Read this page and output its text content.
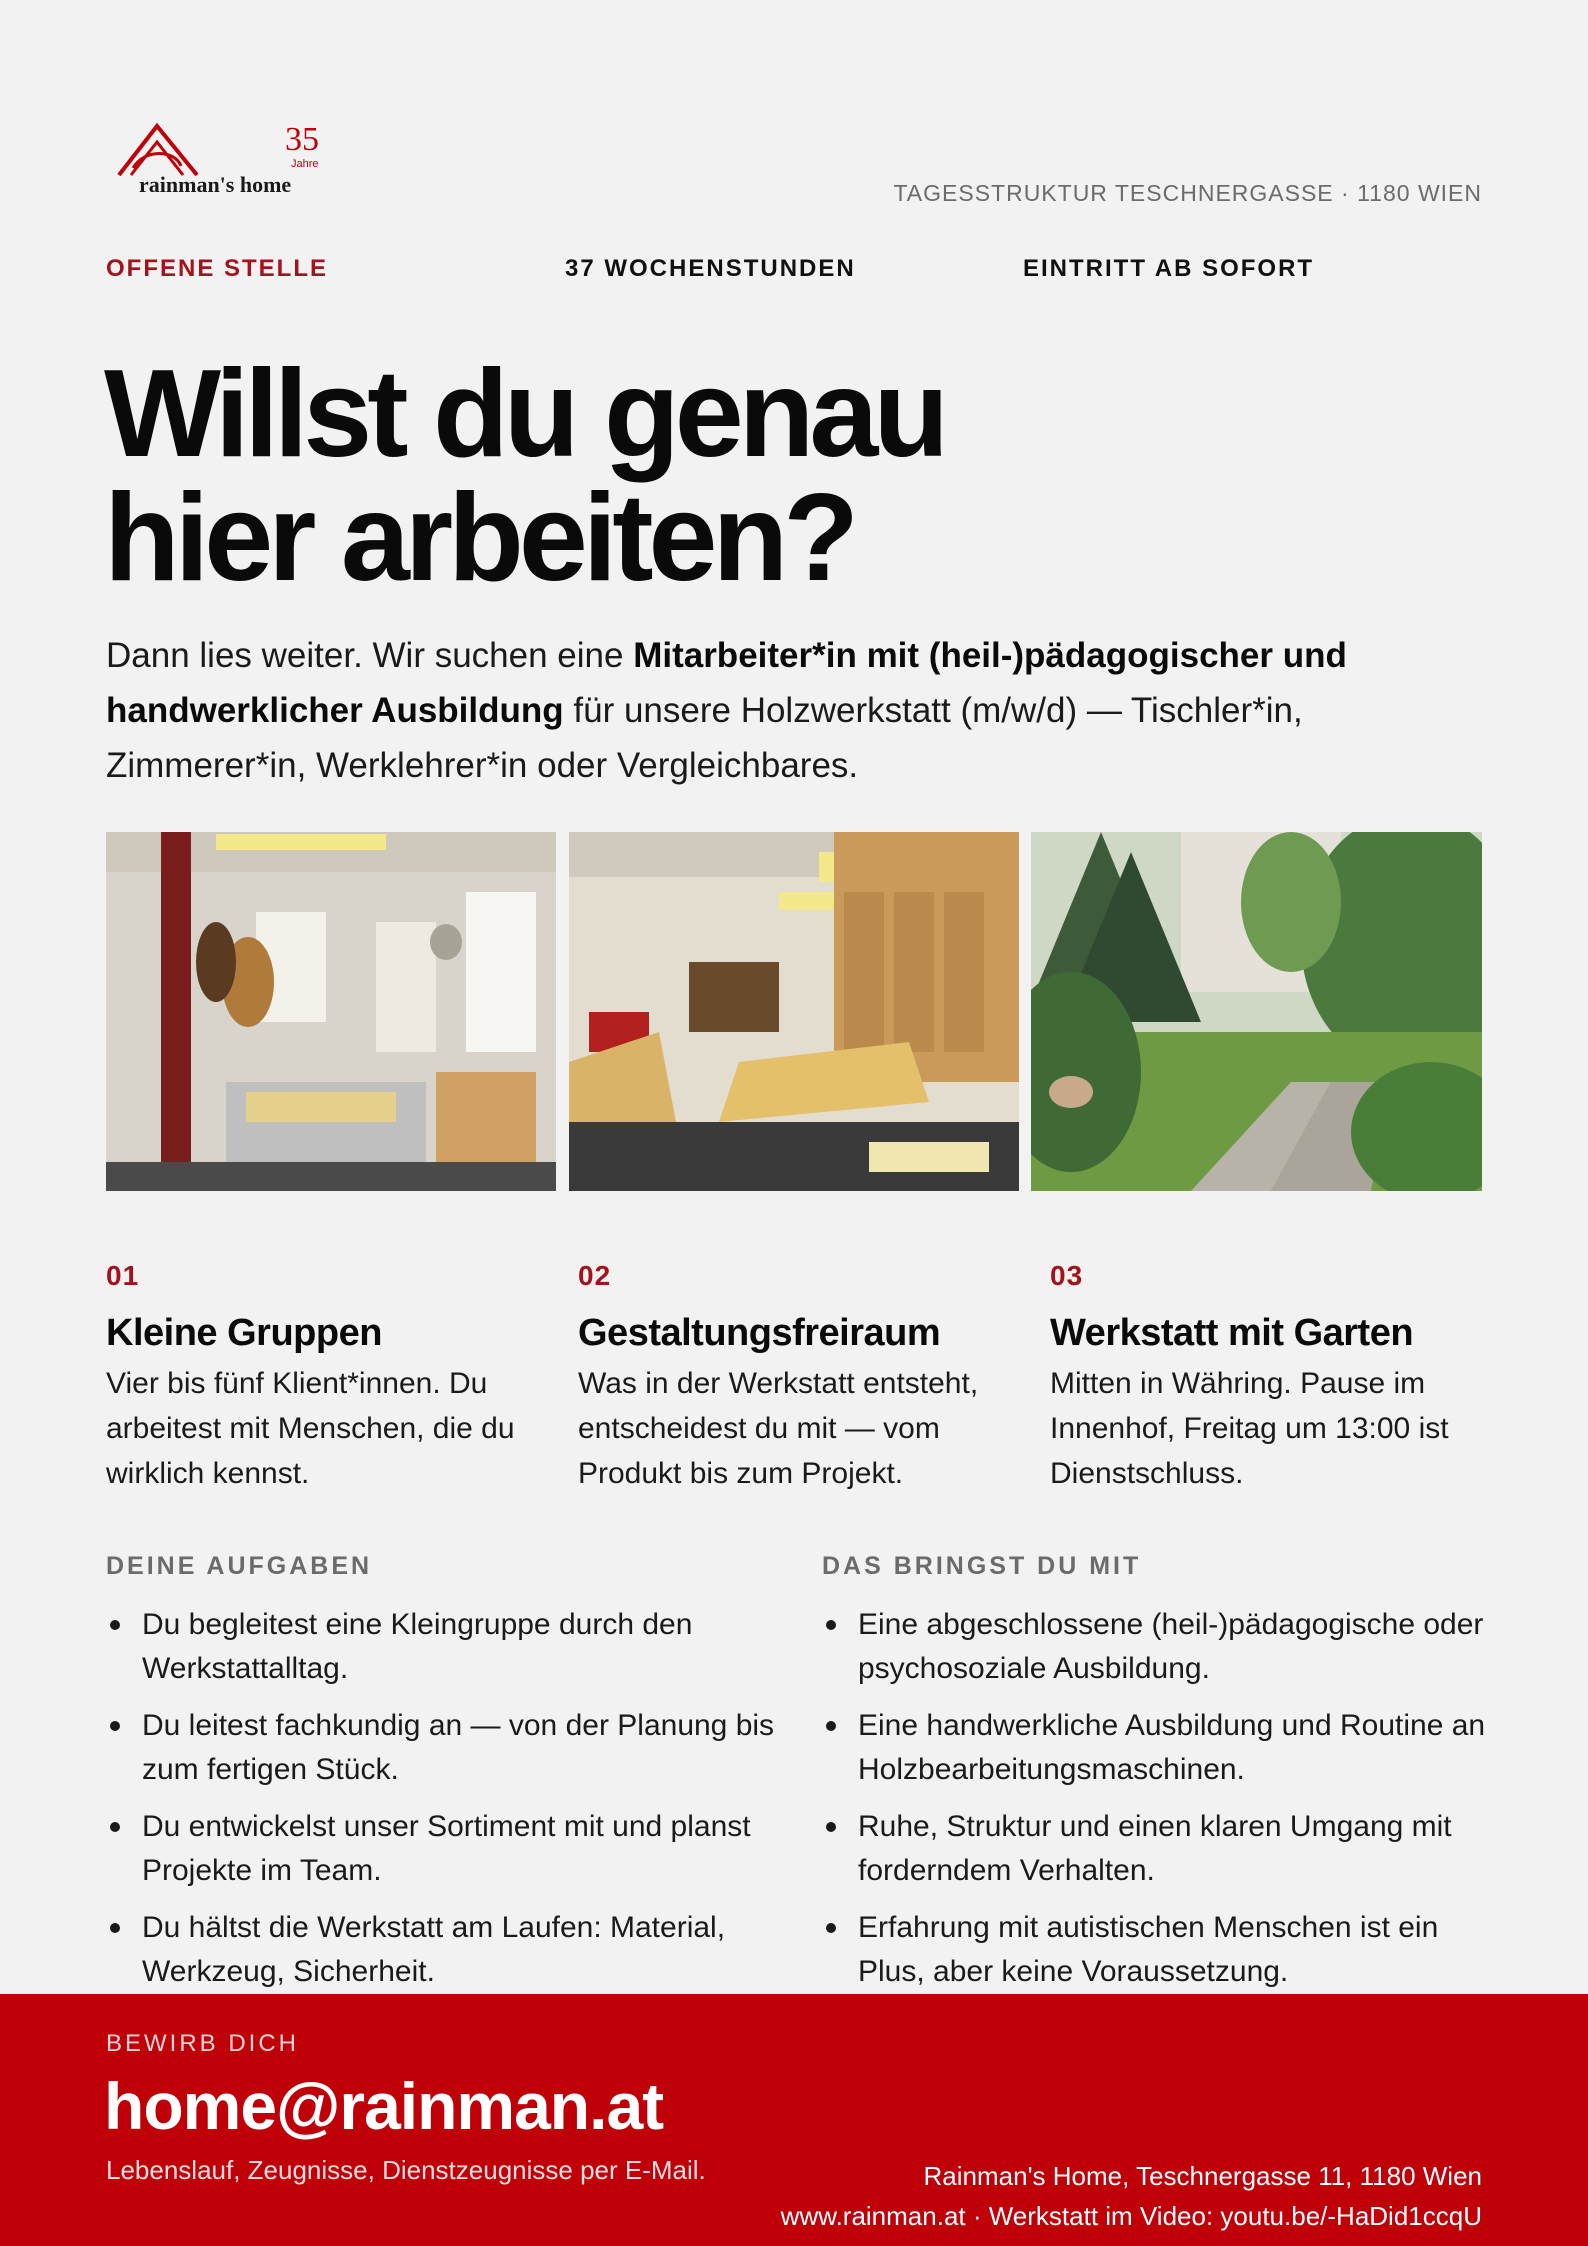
35
Jahre
rainman's home	TAGESSTRUKTUR TESCHNERGASSE · 1180 WIEN
OFFENE STELLE	37 WOCHENSTUNDEN	EINTRITT AB SOFORT
Willst du genau
hier arbeiten?

Dann lies weiter. Wir suchen eine Mitarbeiter*in mit (heil-)pädagogischer und handwerklicher Ausbildung für unsere Holzwerkstatt (m/w/d) — Tischler*in, Zimmerer*in, Werklehrer*in oder Vergleichbares.

01
Kleine Gruppen
Vier bis fünf Klient*innen. Du arbeitest mit Menschen, die du wirklich kennst.
02
Gestaltungsfreiraum
Was in der Werkstatt entsteht, entscheidest du mit — vom Produkt bis zum Projekt.
03
Werkstatt mit Garten
Mitten in Währing. Pause im Innenhof, Freitag um 13:00 ist Dienstschluss.
DEINE AUFGABEN
Du begleitest eine Kleingruppe durch den Werkstattalltag.
Du leitest fachkundig an — von der Planung bis zum fertigen Stück.
Du entwickelst unser Sortiment mit und planst Projekte im Team.
Du hältst die Werkstatt am Laufen: Material, Werkzeug, Sicherheit.
DAS BRINGST DU MIT
Eine abgeschlossene (heil-)pädagogische oder psychosoziale Ausbildung.
Eine handwerkliche Ausbildung und Routine an Holzbearbeitungsmaschinen.
Ruhe, Struktur und einen klaren Umgang mit forderndem Verhalten.
Erfahrung mit autistischen Menschen ist ein Plus, aber keine Voraussetzung.
BEWIRB DICH
home@rainman.at
Lebenslauf, Zeugnisse, Dienstzeugnisse per E-Mail.	Rainman's Home, Teschnergasse 11, 1180 Wien
www.rainman.at · Werkstatt im Video: youtu.be/-HaDid1ccqU
